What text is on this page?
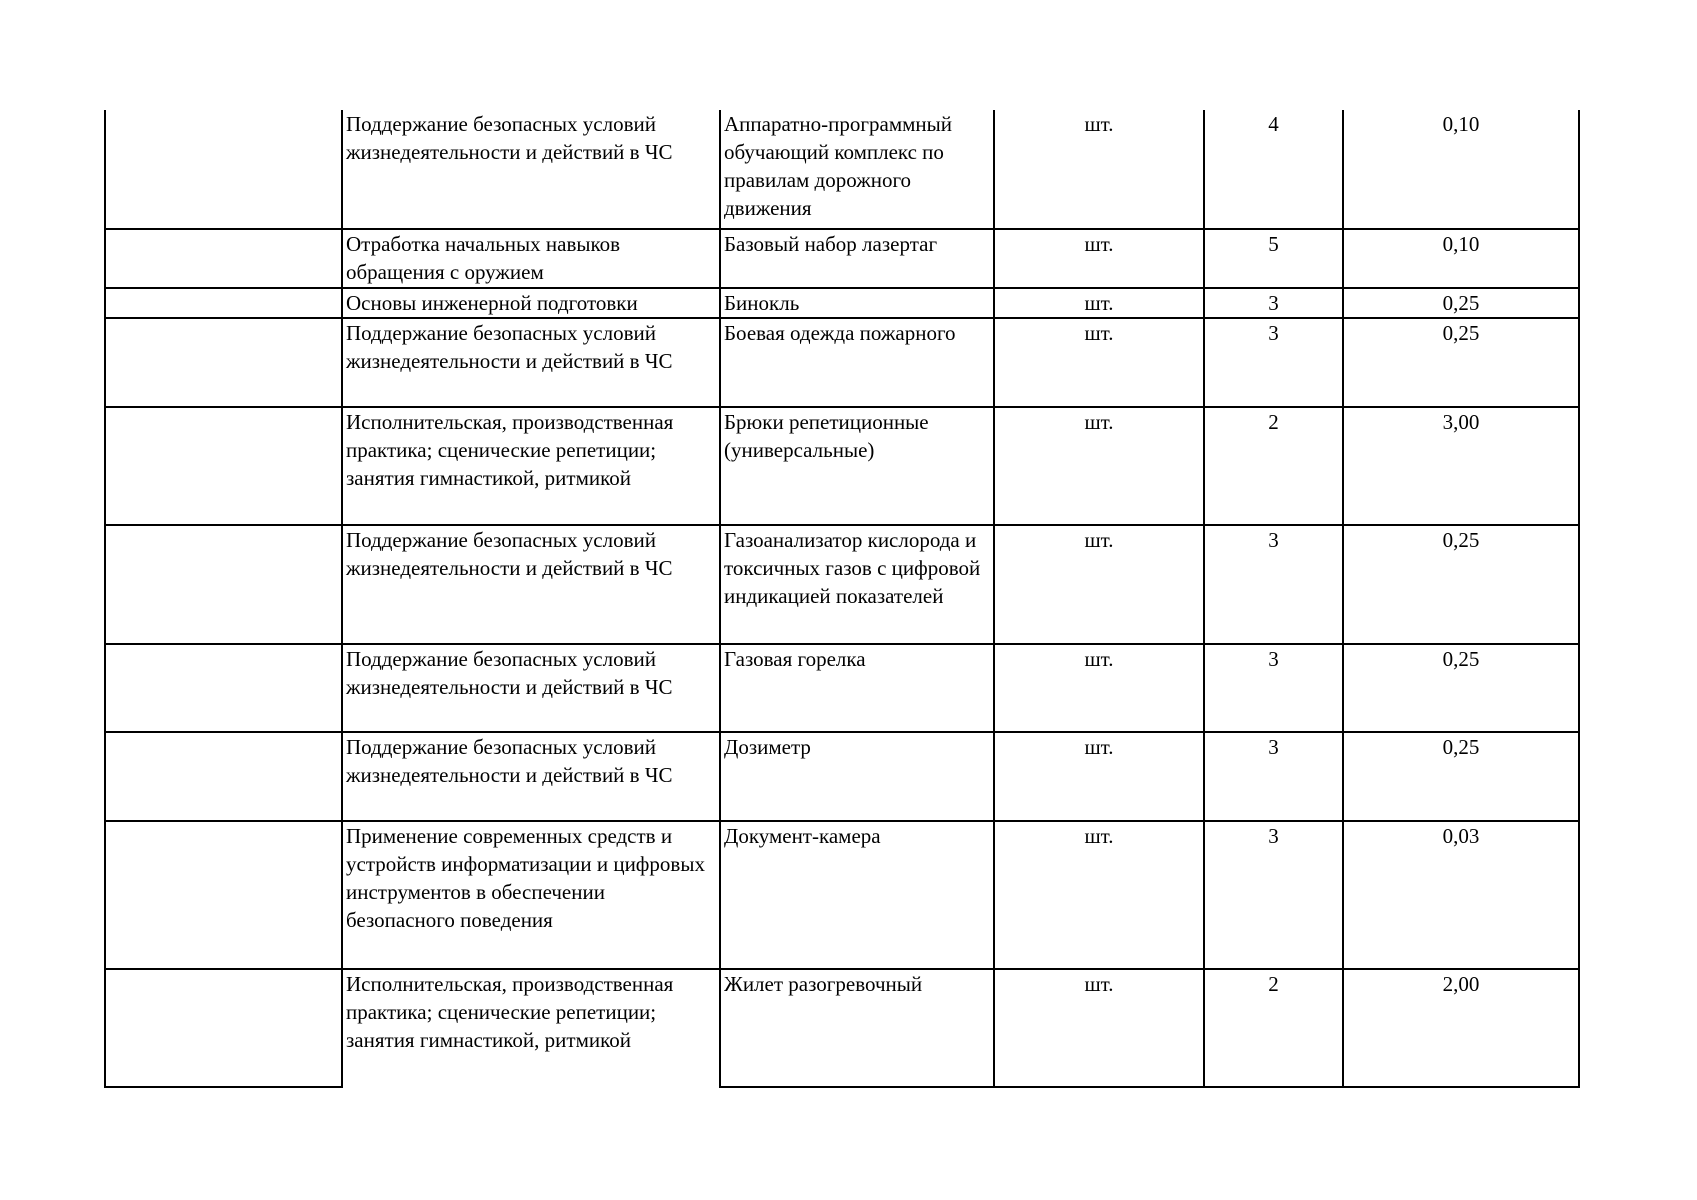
	Поддержание безопасных условий жизнедеятельности и действий в ЧС	Аппаратно-программный обучающий комплекс по правилам дорожного движения	шт.	4	0,10
	Отработка начальных навыков обращения с оружием	Базовый набор лазертаг	шт.	5	0,10
	Основы инженерной подготовки	Бинокль	шт.	3	0,25
	Поддержание безопасных условий жизнедеятельности и действий в ЧС	Боевая одежда пожарного	шт.	3	0,25
	Исполнительская, производственная практика; сценические репетиции; занятия гимнастикой, ритмикой	Брюки репетиционные (универсальные)	шт.	2	3,00
	Поддержание безопасных условий жизнедеятельности и действий в ЧС	Газоанализатор кислорода и токсичных газов с цифровой индикацией показателей	шт.	3	0,25
	Поддержание безопасных условий жизнедеятельности и действий в ЧС	Газовая горелка	шт.	3	0,25
	Поддержание безопасных условий жизнедеятельности и действий в ЧС	Дозиметр	шт.	3	0,25
	Применение современных средств и устройств информатизации и цифровых инструментов в обеспечении безопасного поведения	Документ-камера	шт.	3	0,03
	Исполнительская, производственная практика; сценические репетиции; занятия гимнастикой, ритмикой	Жилет разогревочный	шт.	2	2,00
